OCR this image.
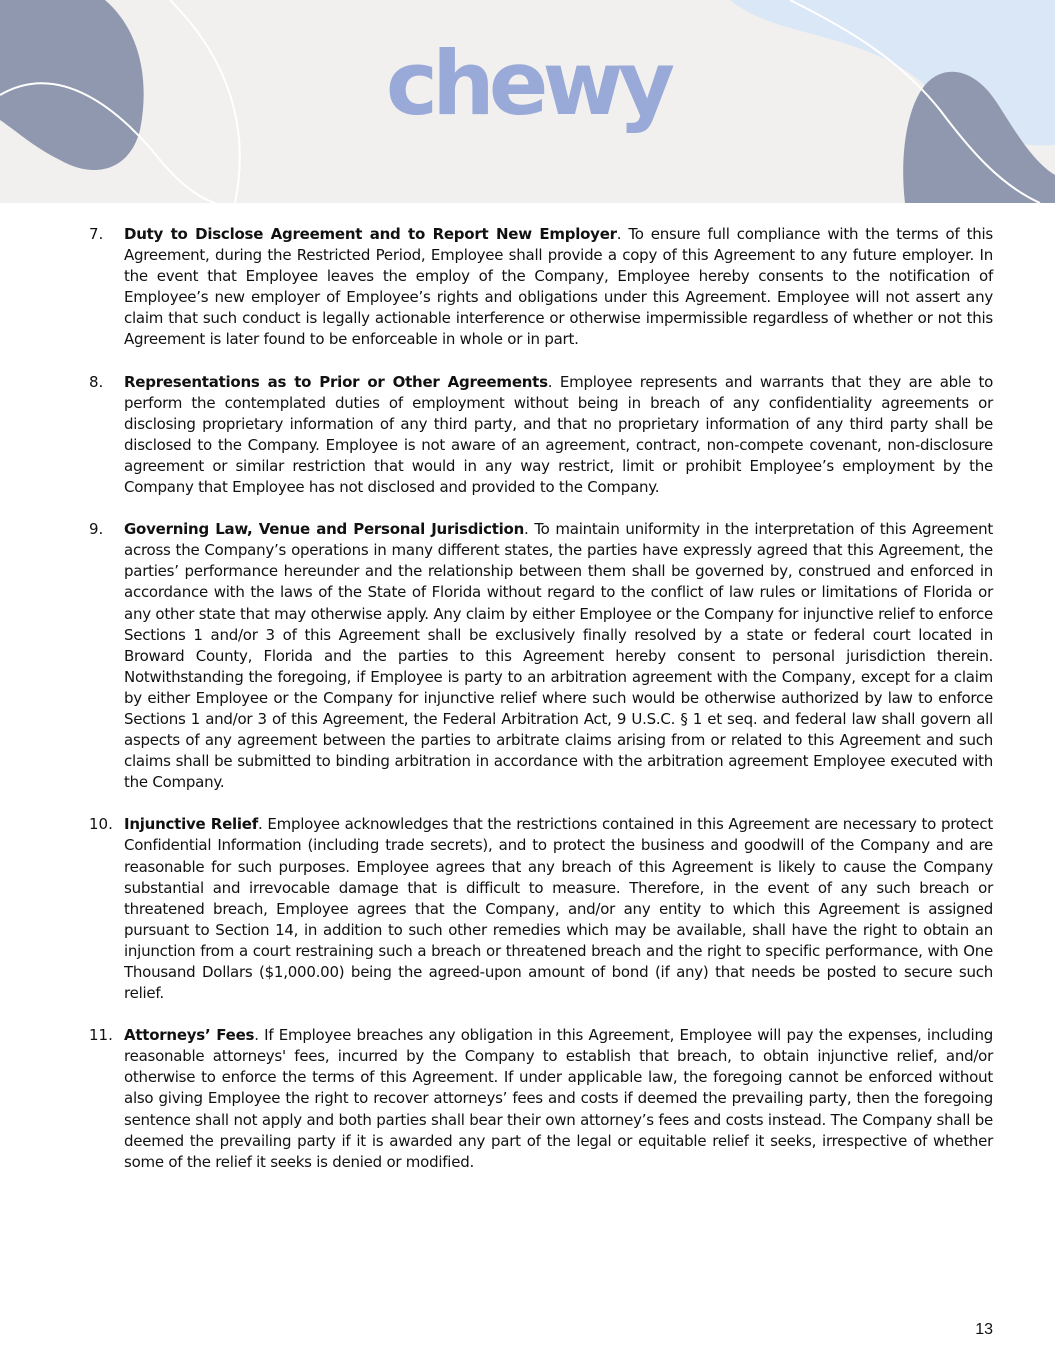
chewy
7.	Duty to Disclose Agreement and to Report New Employer. To ensure full compliance with the terms of this Agreement, during the Restricted Period, Employee shall provide a copy of this Agreement to any future employer. In the event that Employee leaves the employ of the Company, Employee hereby consents to the notification of Employee’s new employer of Employee’s rights and obligations under this Agreement. Employee will not assert any claim that such conduct is legally actionable interference or otherwise impermissible regardless of whether or not this Agreement is later found to be enforceable in whole or in part.
8.	Representations as to Prior or Other Agreements. Employee represents and warrants that they are able to perform the contemplated duties of employment without being in breach of any confidentiality agreements or disclosing proprietary information of any third party, and that no proprietary information of any third party shall be disclosed to the Company. Employee is not aware of an agreement, contract, non-compete covenant, non-disclosure agreement or similar restriction that would in any way restrict, limit or prohibit Employee’s employment by the Company that Employee has not disclosed and provided to the Company.
9.	Governing Law, Venue and Personal Jurisdiction. To maintain uniformity in the interpretation of this Agreement across the Company’s operations in many different states, the parties have expressly agreed that this Agreement, the parties’ performance hereunder and the relationship between them shall be governed by, construed and enforced in accordance with the laws of the State of Florida without regard to the conflict of law rules or limitations of Florida or any other state that may otherwise apply. Any claim by either Employee or the Company for injunctive relief to enforce Sections 1 and/or 3 of this Agreement shall be exclusively finally resolved by a state or federal court located in Broward County, Florida and the parties to this Agreement hereby consent to personal jurisdiction therein. Notwithstanding the foregoing, if Employee is party to an arbitration agreement with the Company, except for a claim by either Employee or the Company for injunctive relief where such would be otherwise authorized by law to enforce Sections 1 and/or 3 of this Agreement, the Federal Arbitration Act, 9 U.S.C. § 1 et seq. and federal law shall govern all aspects of any agreement between the parties to arbitrate claims arising from or related to this Agreement and such claims shall be submitted to binding arbitration in accordance with the arbitration agreement Employee executed with the Company.
10. Injunctive Relief. Employee acknowledges that the restrictions contained in this Agreement are necessary to protect Confidential Information (including trade secrets), and to protect the business and goodwill of the Company and are reasonable for such purposes. Employee agrees that any breach of this Agreement is likely to cause the Company substantial and irrevocable damage that is difficult to measure. Therefore, in the event of any such breach or threatened breach, Employee agrees that the Company, and/or any entity to which this Agreement is assigned pursuant to Section 14, in addition to such other remedies which may be available, shall have the right to obtain an injunction from a court restraining such a breach or threatened breach and the right to specific performance, with One Thousand Dollars ($1,000.00) being the agreed-upon amount of bond (if any) that needs be posted to secure such relief.
11. Attorneys’ Fees. If Employee breaches any obligation in this Agreement, Employee will pay the expenses, including reasonable attorneys' fees, incurred by the Company to establish that breach, to obtain injunctive relief, and/or otherwise to enforce the terms of this Agreement. If under applicable law, the foregoing cannot be enforced without also giving Employee the right to recover attorneys’ fees and costs if deemed the prevailing party, then the foregoing sentence shall not apply and both parties shall bear their own attorney’s fees and costs instead. The Company shall be deemed the prevailing party if it is awarded any part of the legal or equitable relief it seeks, irrespective of whether some of the relief it seeks is denied or modified.
13
